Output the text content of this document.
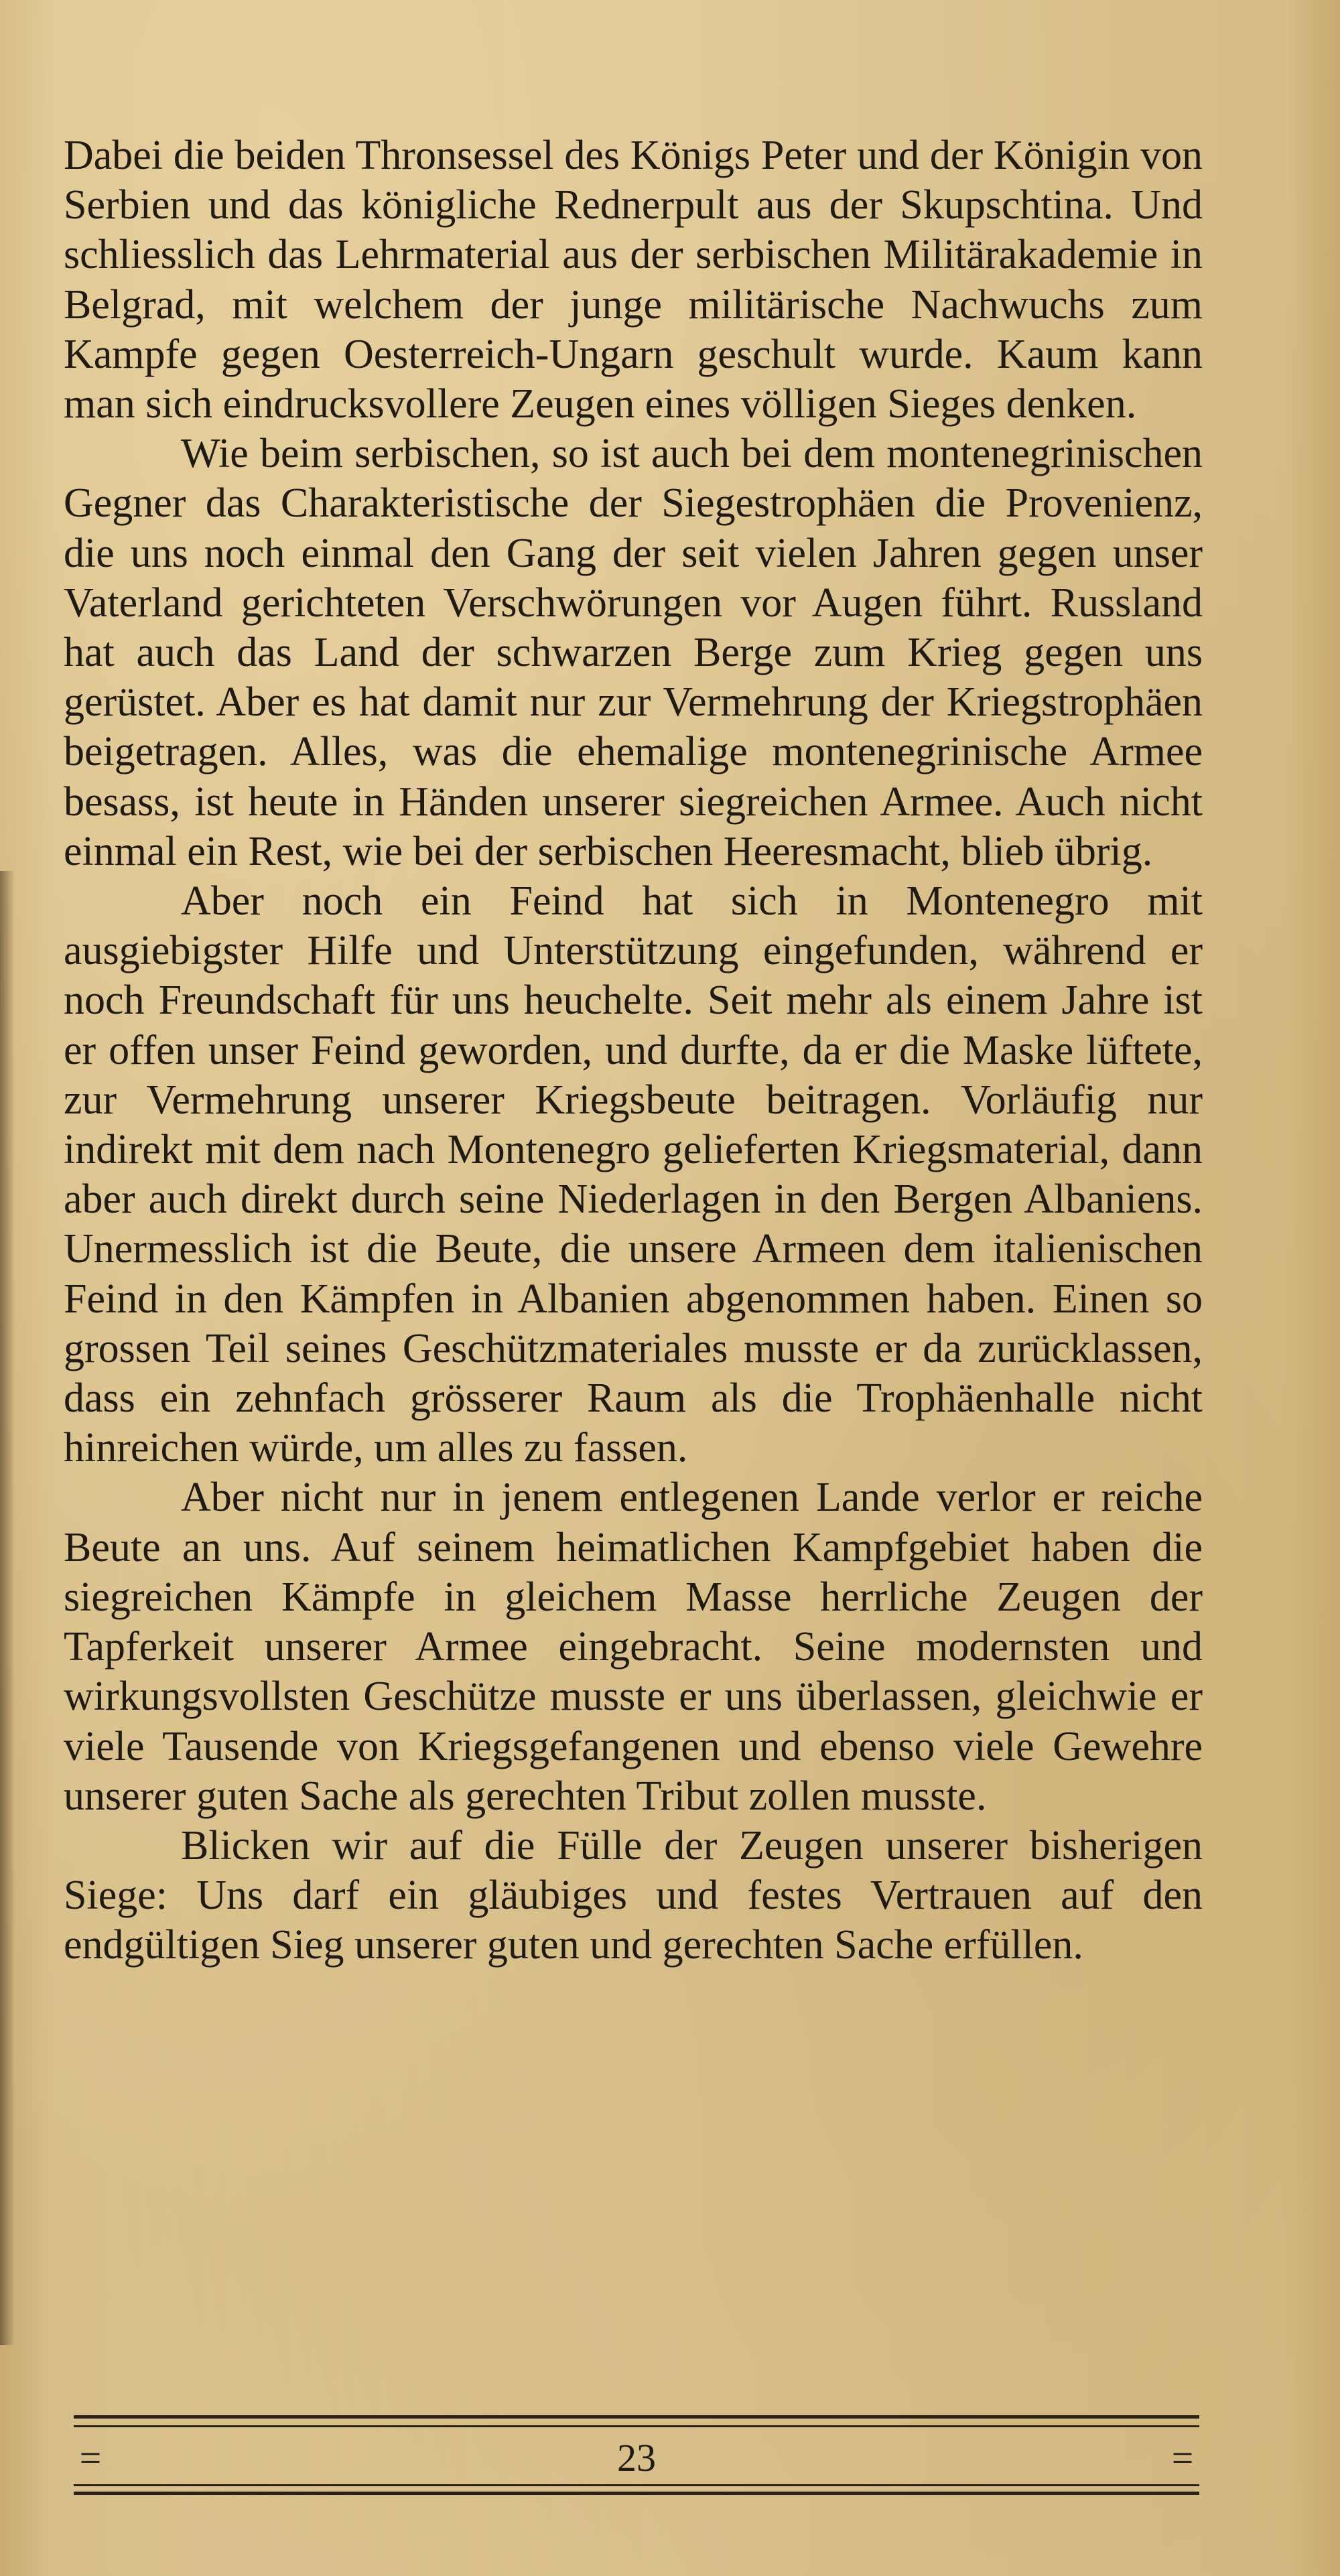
Dabei die beiden Thronsessel des Königs Peter und der Königin von Serbien und das königliche Rednerpult aus der Skupschtina. Und schliesslich das Lehrmaterial aus der serbischen Militärakademie in Belgrad, mit welchem der junge militärische Nachwuchs zum Kampfe gegen Oesterreich-Ungarn geschult wurde. Kaum kann man sich eindrucksvollere Zeugen eines völligen Sieges denken.

Wie beim serbischen, so ist auch bei dem montenegrinischen Gegner das Charakteristische der Siegestrophäen die Provenienz, die uns noch einmal den Gang der seit vielen Jahren gegen unser Vaterland gerichteten Verschwörungen vor Augen führt. Russland hat auch das Land der schwarzen Berge zum Krieg gegen uns gerüstet. Aber es hat damit nur zur Vermehrung der Kriegstrophäen beigetragen. Alles, was die ehemalige montenegrinische Armee besass, ist heute in Händen unserer siegreichen Armee. Auch nicht einmal ein Rest, wie bei der serbischen Heeresmacht, blieb übrig.

Aber noch ein Feind hat sich in Montenegro mit ausgiebigster Hilfe und Unterstützung eingefunden, während er noch Freundschaft für uns heuchelte. Seit mehr als einem Jahre ist er offen unser Feind geworden, und durfte, da er die Maske lüftete, zur Vermehrung unserer Kriegsbeute beitragen. Vorläufig nur indirekt mit dem nach Montenegro gelieferten Kriegsmaterial, dann aber auch direkt durch seine Niederlagen in den Bergen Albaniens. Unermesslich ist die Beute, die unsere Armeen dem italienischen Feind in den Kämpfen in Albanien abgenommen haben. Einen so grossen Teil seines Geschützmateriales musste er da zurücklassen, dass ein zehnfach grösserer Raum als die Trophäenhalle nicht hinreichen würde, um alles zu fassen.

Aber nicht nur in jenem entlegenen Lande verlor er reiche Beute an uns. Auf seinem heimatlichen Kampfgebiet haben die siegreichen Kämpfe in gleichem Masse herrliche Zeugen der Tapferkeit unserer Armee eingebracht. Seine modernsten und wirkungsvollsten Geschütze musste er uns überlassen, gleichwie er viele Tausende von Kriegsgefangenen und ebenso viele Gewehre unserer guten Sache als gerechten Tribut zollen musste.

Blicken wir auf die Fülle der Zeugen unserer bisherigen Siege: Uns darf ein gläubiges und festes Vertrauen auf den endgültigen Sieg unserer guten und gerechten Sache erfüllen.

=	23	=
